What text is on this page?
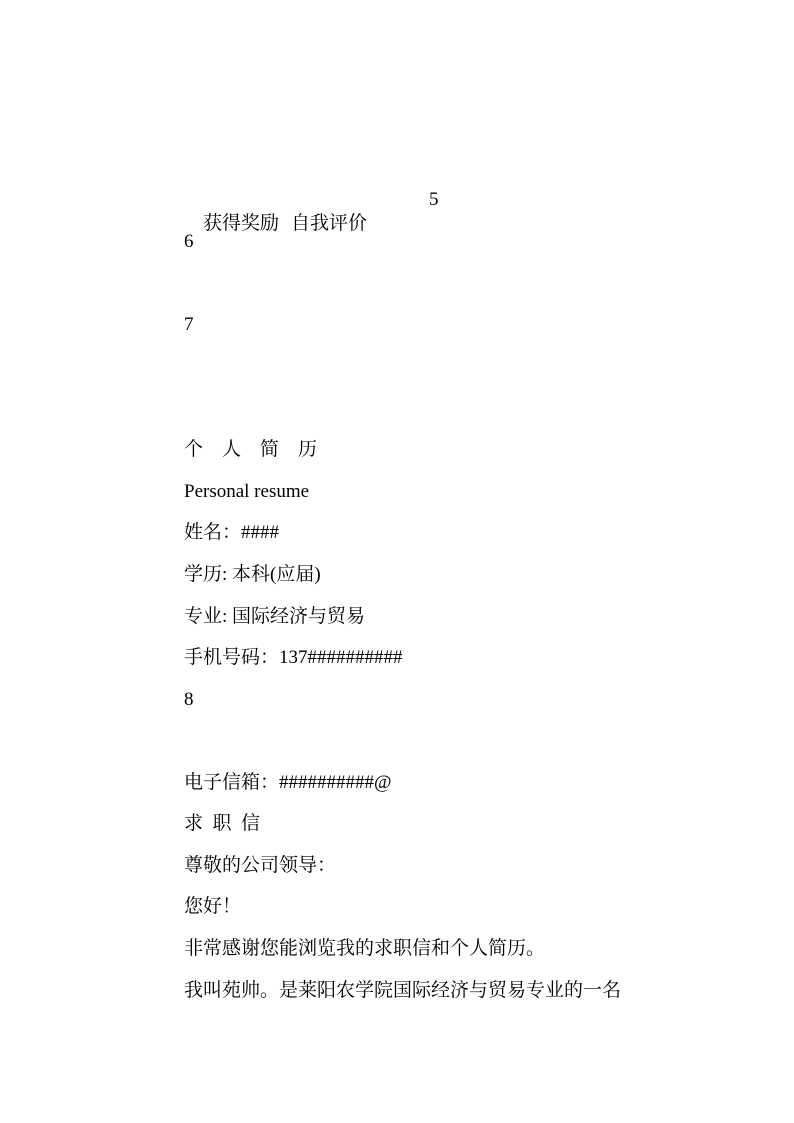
获得奖励 自我评价
5

6
7
个    人    简    历
Personal resume
姓名：####
学历: 本科(应届)
专业: 国际经济与贸易
手机号码：137##########
8
电子信箱：##########@
求  职  信
尊敬的公司领导：
您好！
非常感谢您能浏览我的求职信和个人简历。
我叫苑帅。是莱阳农学院国际经济与贸易专业的一名
